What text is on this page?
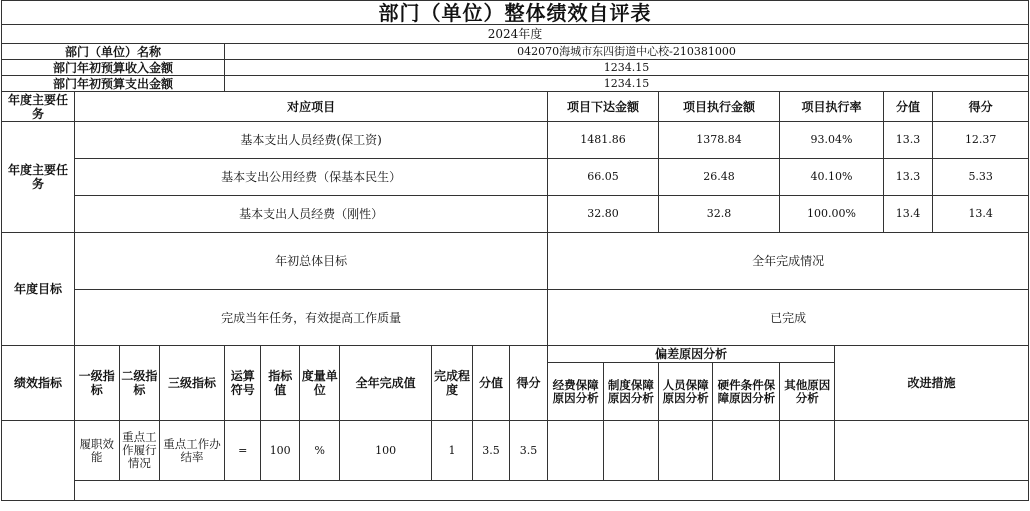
部门（单位）整体绩效自评表																		
2024年度																		
部门（单位）名称				042070海城市东四街道中心校-210381000														
部门年初预算收入金额				1234.15														
部门年初预算支出金额				1234.15														
年度主要任务	对应项目										项目下达金额		项目执行金额		项目执行率		分值	得分
年度主要任务	基本支出人员经费(保工资)										1481.86		1378.84		93.04%		13.3	12.37
	基本支出公用经费（保基本民生）										66.05		26.48		40.10%		13.3	5.33
	基本支出人员经费（刚性）										32.80		32.8		100.00%		13.4	13.4
年度目标	年初总体目标										全年完成情况							
	完成当年任务，有效提高工作质量										已完成							
绩效指标	一级指标	二级指标	三级指标	运算符号	指标值	度量单位	全年完成值	完成程度	分值	得分	偏差原因分析					改进措施		
											经费保障原因分析	制度保障原因分析	人员保障原因分析	硬件条件保障原因分析	其他原因分析			
	履职效能	重点工作履行情况	重点工作办结率	=	100	%	100	1	3.5	3.5								
